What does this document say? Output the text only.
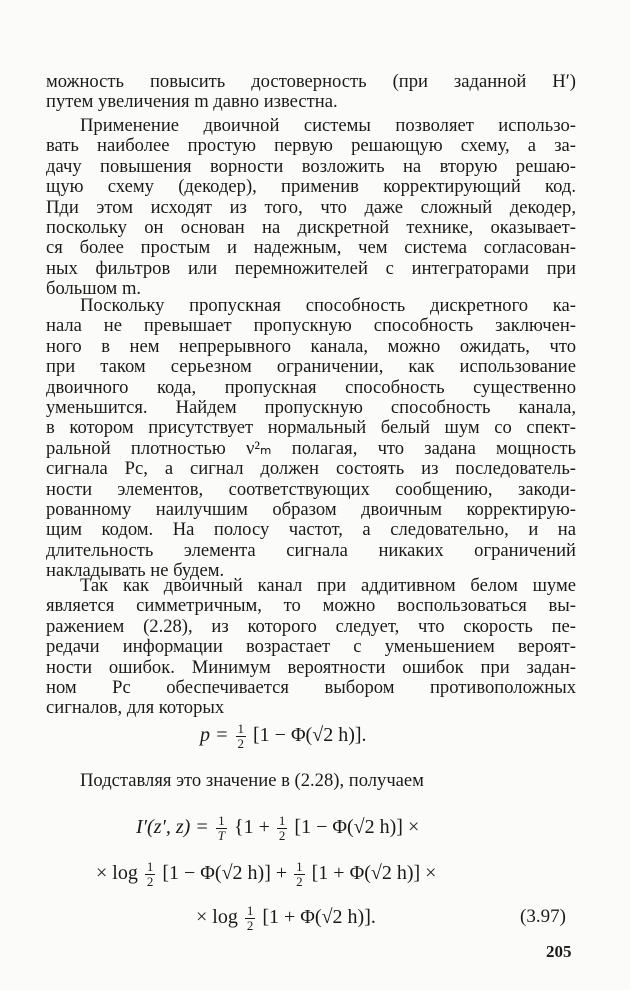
можность повысить достоверность (при заданной H′)
путем увеличения m давно известна.
Применение двоичной системы позволяет использо-
вать наиболее простую первую решающую схему, а за-
дачу повышения ворности возложить на вторую решаю-
щую схему (декодер), применив корректирующий код.
Пди этом исходят из того, что даже сложный декодер,
поскольку он основан на дискретной технике, оказывает-
ся более простым и надежным, чем система согласован-
ных фильтров или перемножителей с интеграторами при
большом m.
Поскольку пропускная способность дискретного ка-
нала не превышает пропускную способность заключен-
ного в нем непрерывного канала, можно ожидать, что
при таком серьезном ограничении, как использование
двоичного кода, пропускная способность существенно
уменьшится. Найдем пропускную способность канала,
в котором присутствует нормальный белый шум со спект-
ральной плотностью ν²ₘ полагая, что задана мощность
сигнала Pс, а сигнал должен состоять из последователь-
ности элементов, соответствующих сообщению, закоди-
рованному наилучшим образом двоичным корректирую-
щим кодом. На полосу частот, а следовательно, и на
длительность элемента сигнала никаких ограничений
накладывать не будем.
Так как двоичный канал при аддитивном белом шуме
является симметричным, то можно воспользоваться вы-
ражением (2.28), из которого следует, что скорость пе-
редачи информации возрастает с уменьшением вероят-
ности ошибок. Минимум вероятности ошибок при задан-
ном Pс обеспечивается выбором противоположных
сигналов, для которых
$p = \frac{1}{2} [1 - \Phi(√2$ h)].
Подставляя это значение в (2.28), получаем
I′(z′, $z) = \frac{1}{T} \{1 + \frac{1}{2} [1 - \Phi(√2$ h)] ×
× $\log \frac{1}{2} [1 - \Phi(√2$ $h)] + \frac{1}{2} [1 + \Phi(√2$ h)] ×
× $\log \frac{1}{2} [1 + \Phi(√2$ h)].	(3.97)
205
